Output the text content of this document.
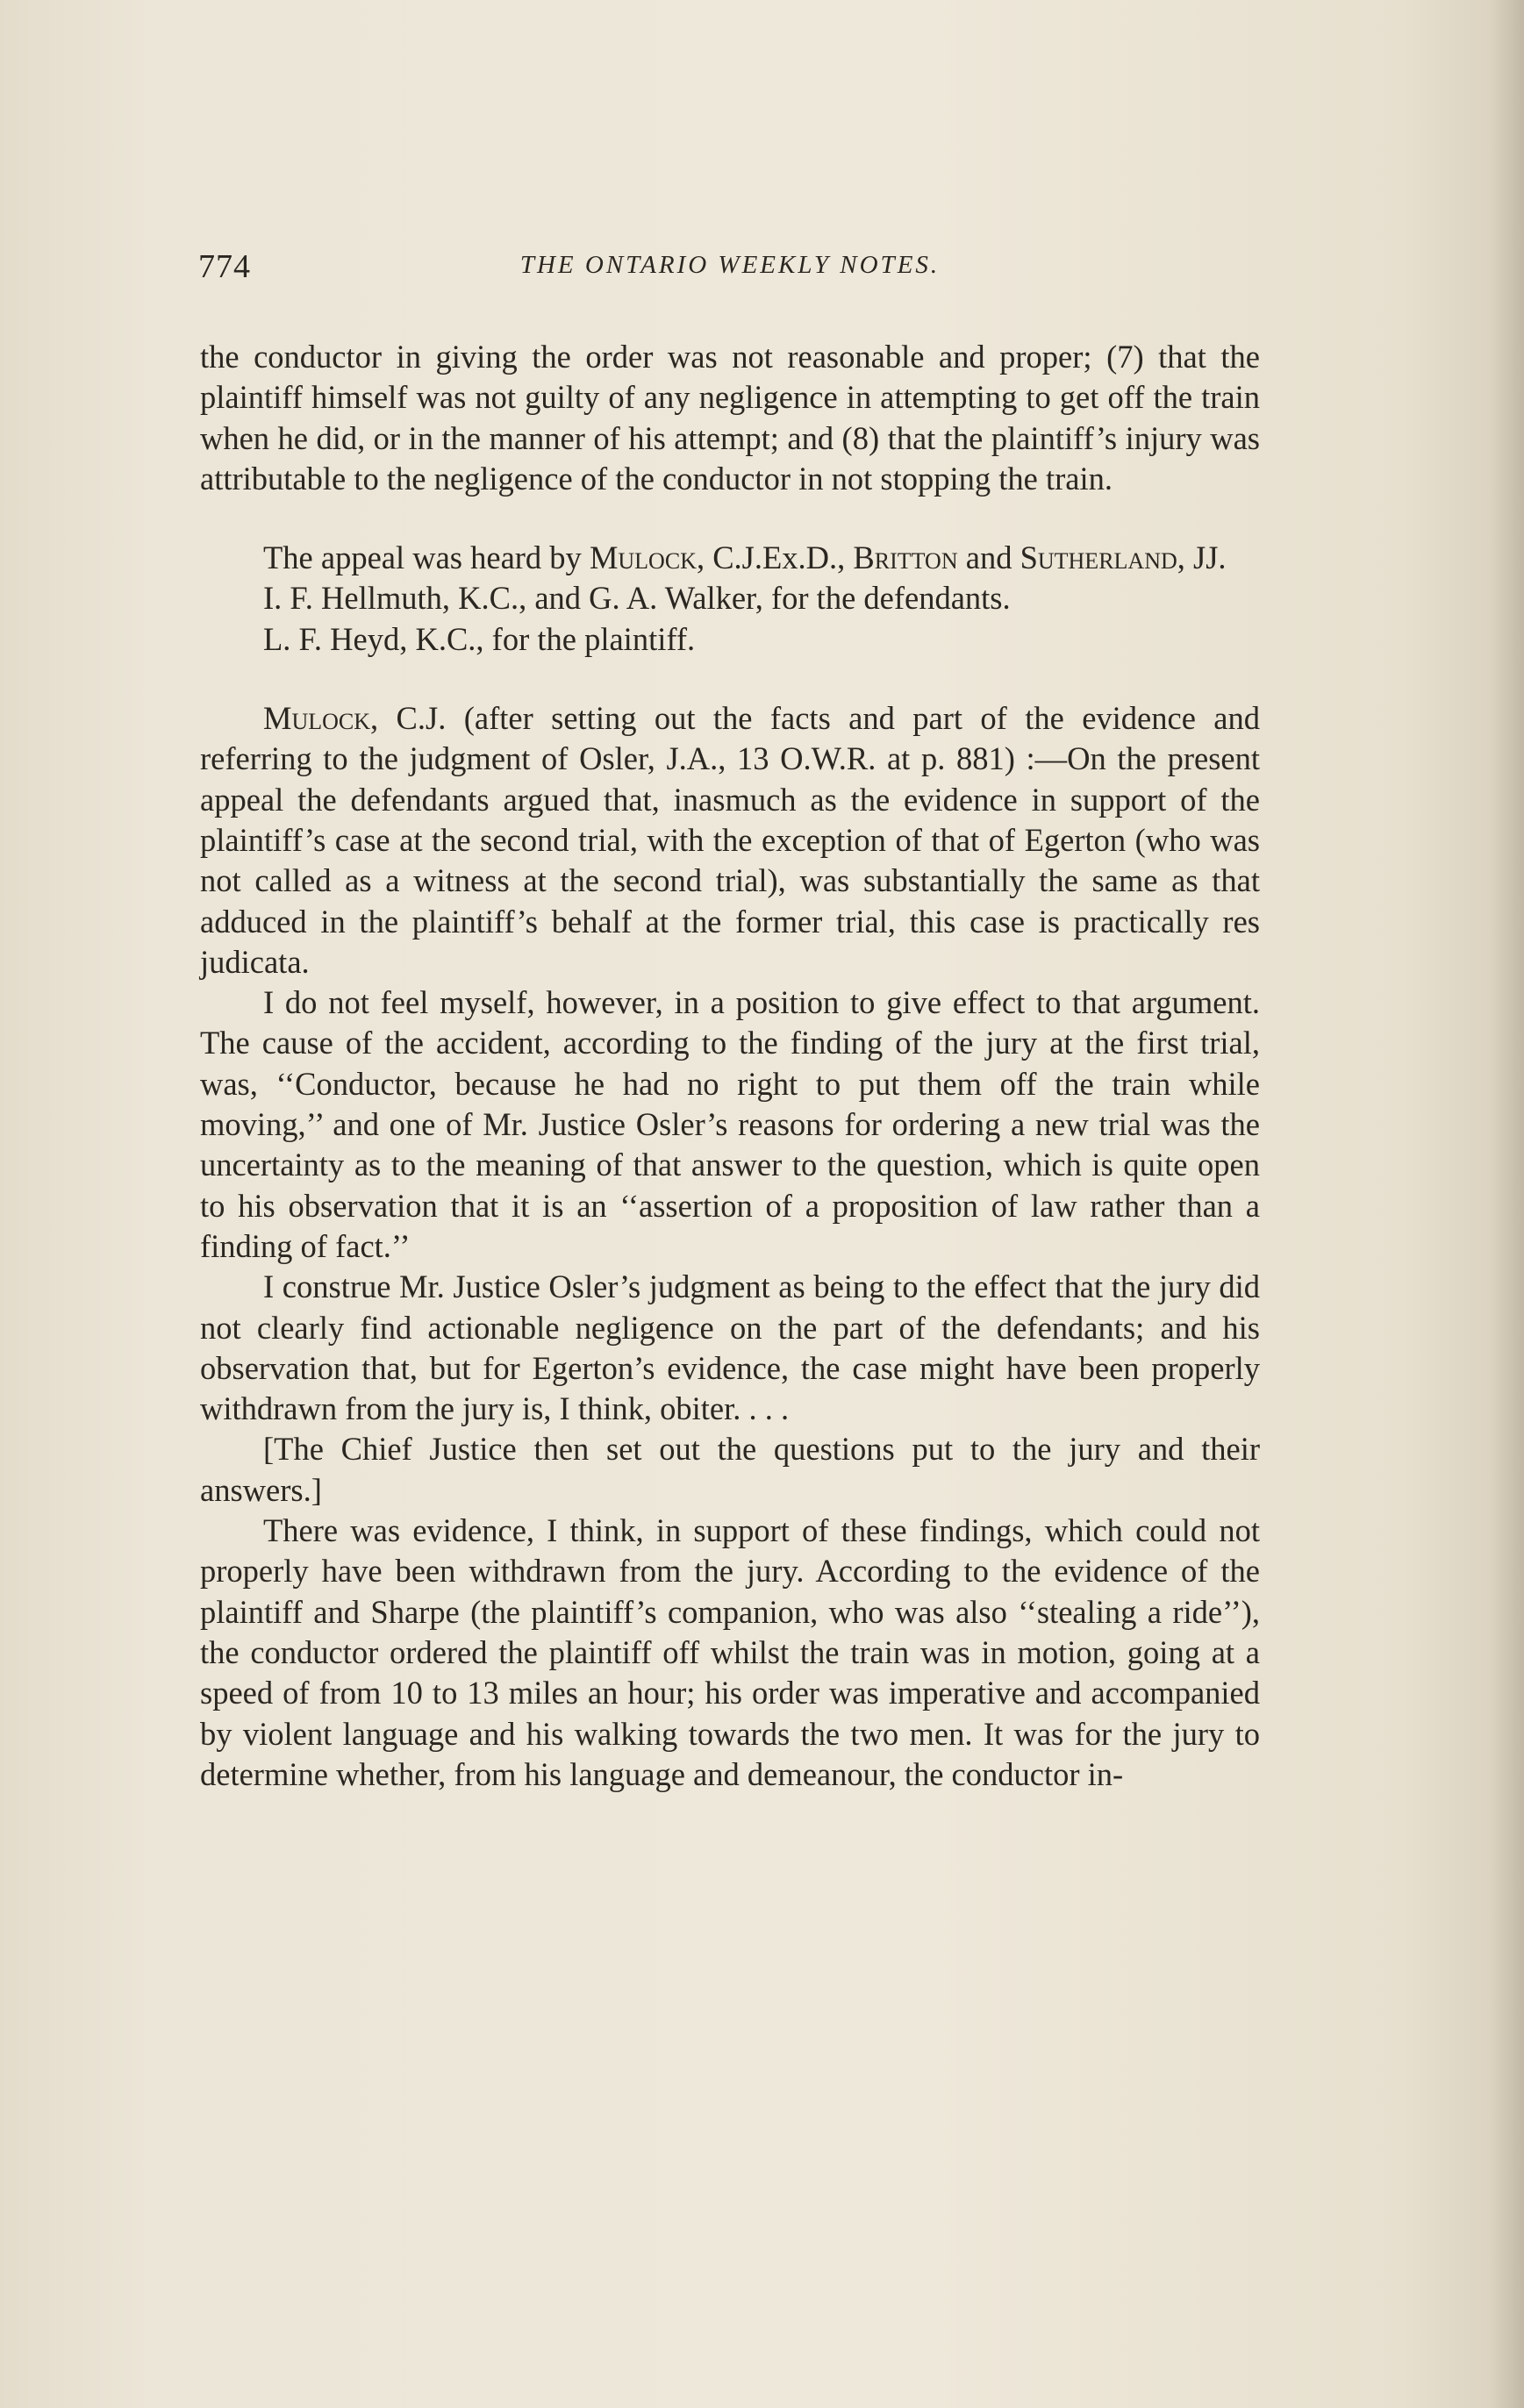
774	THE ONTARIO WEEKLY NOTES.

the conductor in giving the order was not reasonable and proper; (7) that the plaintiff himself was not guilty of any negligence in attempting to get off the train when he did, or in the manner of his attempt; and (8) that the plaintiff’s injury was attributable to the negligence of the conductor in not stopping the train.

The appeal was heard by Mulock, C.J.Ex.D., Britton and Sutherland, JJ.

I. F. Hellmuth, K.C., and G. A. Walker, for the defendants.

L. F. Heyd, K.C., for the plaintiff.

Mulock, C.J. (after setting out the facts and part of the evidence and referring to the judgment of Osler, J.A., 13 O.W.R. at p. 881) :—On the present appeal the defendants argued that, inasmuch as the evidence in support of the plaintiff’s case at the second trial, with the exception of that of Egerton (who was not called as a witness at the second trial), was substantially the same as that adduced in the plaintiff’s behalf at the former trial, this case is practically res judicata.

I do not feel myself, however, in a position to give effect to that argument. The cause of the accident, according to the finding of the jury at the first trial, was, ‘‘Conductor, because he had no right to put them off the train while moving,’’ and one of Mr. Justice Osler’s reasons for ordering a new trial was the uncertainty as to the meaning of that answer to the question, which is quite open to his observation that it is an ‘‘assertion of a proposition of law rather than a finding of fact.’’

I construe Mr. Justice Osler’s judgment as being to the effect that the jury did not clearly find actionable negligence on the part of the defendants; and his observation that, but for Egerton’s evidence, the case might have been properly withdrawn from the jury is, I think, obiter. . . .

[The Chief Justice then set out the questions put to the jury and their answers.]

There was evidence, I think, in support of these findings, which could not properly have been withdrawn from the jury. According to the evidence of the plaintiff and Sharpe (the plaintiff’s companion, who was also ‘‘stealing a ride’’), the conductor ordered the plaintiff off whilst the train was in motion, going at a speed of from 10 to 13 miles an hour; his order was imperative and accompanied by violent language and his walking towards the two men. It was for the jury to determine whether, from his language and demeanour, the conductor in-
